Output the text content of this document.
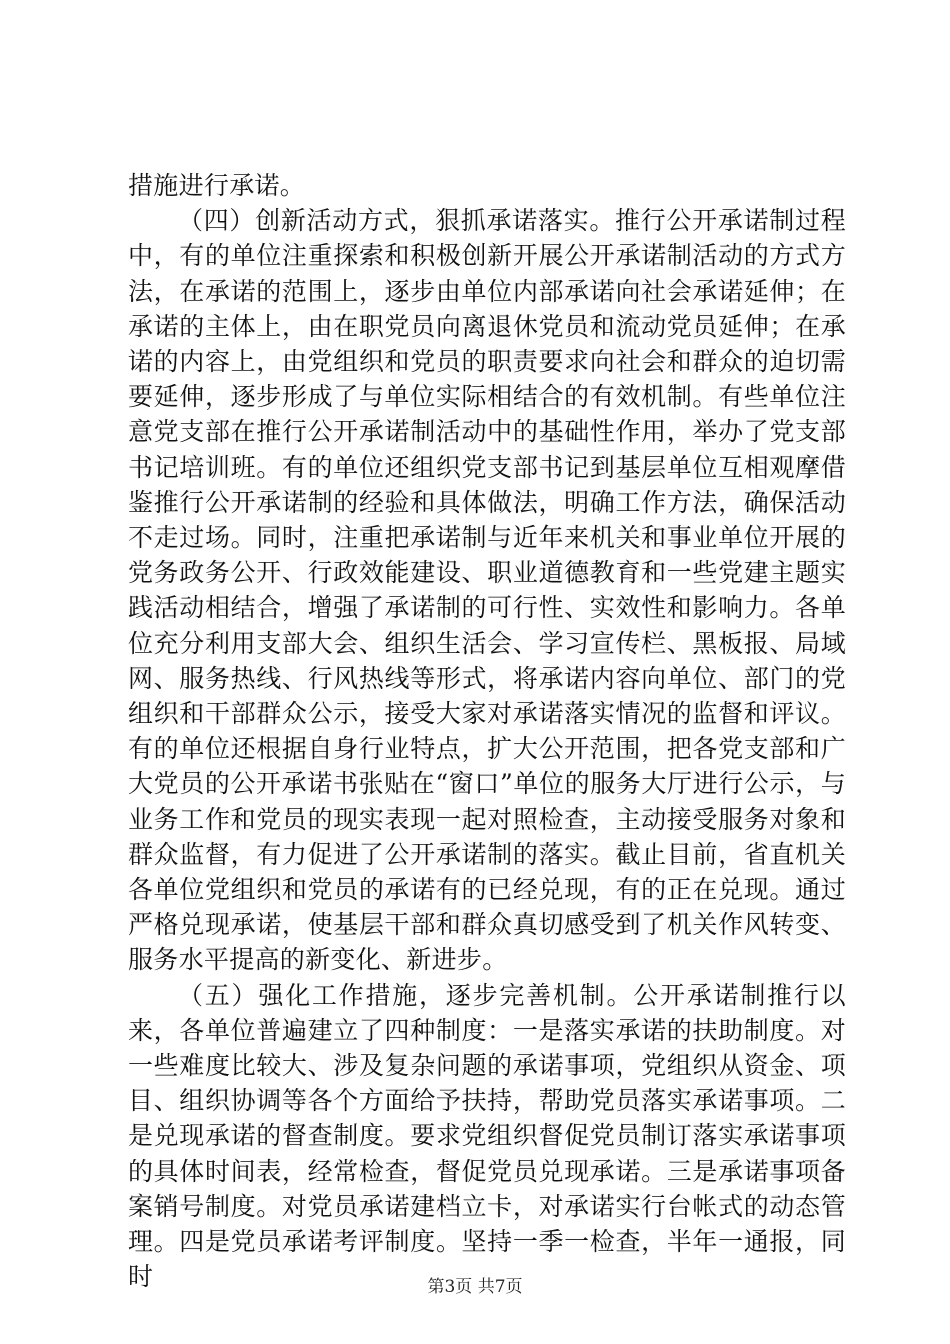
措施进行承诺。

（四）创新活动方式，狠抓承诺落实。推行公开承诺制过程中，有的单位注重探索和积极创新开展公开承诺制活动的方式方法，在承诺的范围上，逐步由单位内部承诺向社会承诺延伸；在承诺的主体上，由在职党员向离退休党员和流动党员延伸；在承诺的内容上，由党组织和党员的职责要求向社会和群众的迫切需要延伸，逐步形成了与单位实际相结合的有效机制。有些单位注意党支部在推行公开承诺制活动中的基础性作用，举办了党支部书记培训班。有的单位还组织党支部书记到基层单位互相观摩借鉴推行公开承诺制的经验和具体做法，明确工作方法，确保活动不走过场。同时，注重把承诺制与近年来机关和事业单位开展的党务政务公开、行政效能建设、职业道德教育和一些党建主题实践活动相结合，增强了承诺制的可行性、实效性和影响力。各单位充分利用支部大会、组织生活会、学习宣传栏、黑板报、局域网、服务热线、行风热线等形式，将承诺内容向单位、部门的党组织和干部群众公示，接受大家对承诺落实情况的监督和评议。有的单位还根据自身行业特点，扩大公开范围，把各党支部和广大党员的公开承诺书张贴在“窗口”单位的服务大厅进行公示，与业务工作和党员的现实表现一起对照检查，主动接受服务对象和群众监督，有力促进了公开承诺制的落实。截止目前，省直机关各单位党组织和党员的承诺有的已经兑现，有的正在兑现。通过严格兑现承诺，使基层干部和群众真切感受到了机关作风转变、服务水平提高的新变化、新进步。

（五）强化工作措施，逐步完善机制。公开承诺制推行以来，各单位普遍建立了四种制度：一是落实承诺的扶助制度。对一些难度比较大、涉及复杂问题的承诺事项，党组织从资金、项目、组织协调等各个方面给予扶持，帮助党员落实承诺事项。二是兑现承诺的督查制度。要求党组织督促党员制订落实承诺事项的具体时间表，经常检查，督促党员兑现承诺。三是承诺事项备案销号制度。对党员承诺建档立卡，对承诺实行台帐式的动态管理。四是党员承诺考评制度。坚持一季一检查，半年一通报，同时	第3页 共7页
